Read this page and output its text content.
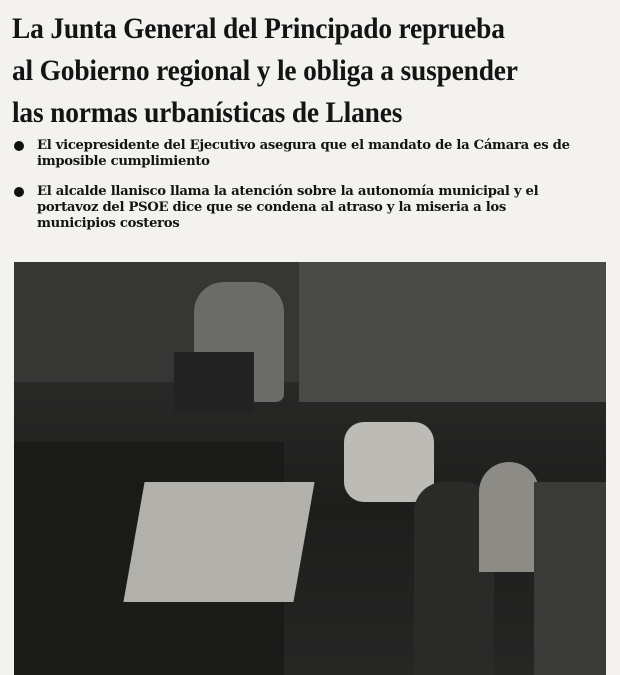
La Junta General del Principado reprueba
al Gobierno regional y le obliga a suspender
las normas urbanísticas de Llanes
El vicepresidente del Ejecutivo asegura que el mandato de la Cámara es de
imposible cumplimiento
El alcalde llanisco llama la atención sobre la autonomía municipal y el
portavoz del PSOE dice que se condena al atraso y la miseria a los
municipios costeros
